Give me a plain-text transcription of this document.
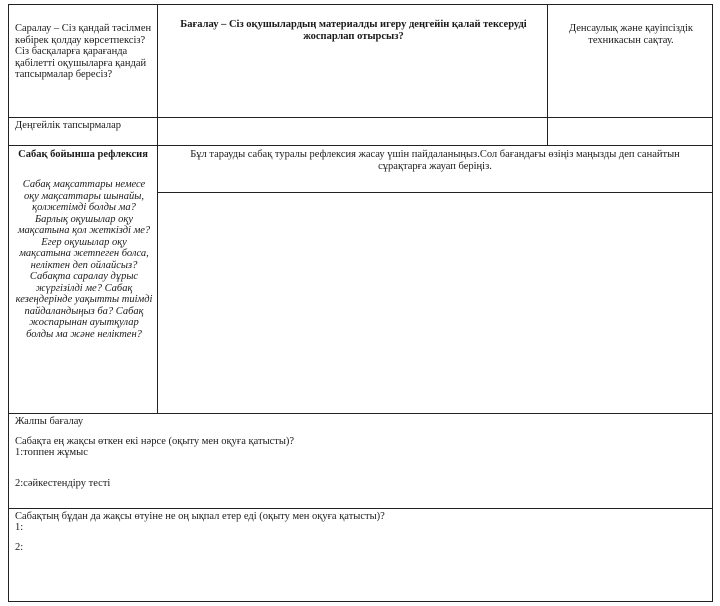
Саралау – Сіз қандай тәсілмен көбірек қолдау көрсетпексіз?
Сіз басқаларға қарағанда қабілетті оқушыларға қандай тапсырмалар бересіз?
Бағалау – Сіз оқушылардың материалды игеру деңгейін қалай тексеруді жоспарлап отырсыз?
Денсаулық және қауіпсіздік техникасын сақтау.
Деңгейлік тапсырмалар
Сабақ бойынша рефлексия
Сабақ мақсаттары немесе оқу мақсаттары шынайы, қолжетімді болды ма? Барлық оқушылар оқу мақсатына қол жеткізді ме? Егер оқушылар оқу мақсатына жетпеген болса, неліктен деп ойлайсыз? Сабақта саралау дұрыс жүргізілді ме? Сабақ кезеңдерінде уақытты тиімді пайдаландыңыз ба? Сабақ жоспарынан ауытқулар болды ма және неліктен?
Бұл тарауды сабақ туралы рефлексия жасау үшін пайдаланыңыз.Сол бағандағы өзіңіз маңызды деп санайтын сұрақтарға жауап беріңіз.
Жалпы бағалау
Сабақта ең жақсы өткен екі нәрсе (оқыту мен оқуға қатысты)?
1:топпен жұмыс
2:сәйкестендіру тесті
Сабақтың бұдан да жақсы өтуіне не оң ықпал етер еді (оқыту мен оқуға қатысты)?
1:
2:
